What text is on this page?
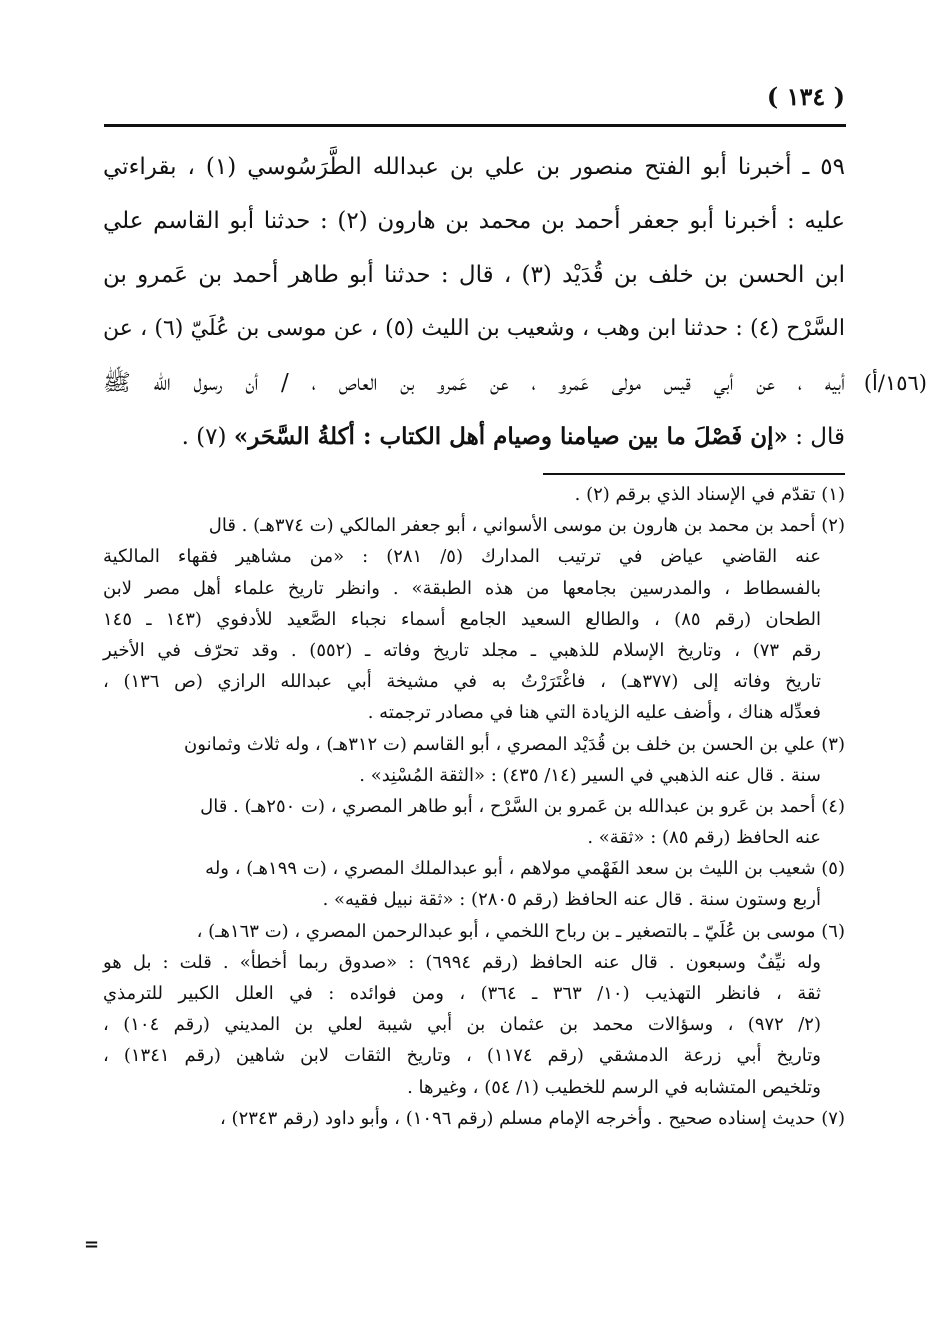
( ١٣٤ )
(١٥٦/أ)
٥٩ ـ أخبرنا أبو الفتح منصور بن علي بن عبدالله الطَّرَسُوسي (١) ، بقراءتي
عليه : أخبرنا أبو جعفر أحمد بن محمد بن هارون (٢) : حدثنا أبو القاسم علي
ابن الحسن بن خلف بن قُدَيْد (٣) ، قال : حدثنا أبو طاهر أحمد بن عَمرو بن
السَّرْح (٤) : حدثنا ابن وهب ، وشعيب بن الليث (٥) ، عن موسى بن عُلَيّ (٦) ، عن
أبيه ، عن أبي قيس مولى عَمرو ، عن عَمرو بن العاص ، / أن رسول الله ﷺ
قال : «إن فَصْلَ ما بين صيامنا وصيام أهل الكتاب : أكلةُ السَّحَر» (٧) .
(١) تقدّم في الإسناد الذي برقم (٢) .
(٢) أحمد بن محمد بن هارون بن موسى الأسواني ، أبو جعفر المالكي (ت ٣٧٤هـ) . قال
عنه القاضي عياض في ترتيب المدارك (٥/ ٢٨١) : «من مشاهير فقهاء المالكية
بالفسطاط ، والمدرسين بجامعها من هذه الطبقة» . وانظر تاريخ علماء أهل مصر لابن
الطحان (رقم ٨٥) ، والطالع السعيد الجامع أسماء نجباء الصَّعيد للأدفوي (١٤٣ ـ ١٤٥
رقم ٧٣) ، وتاريخ الإسلام للذهبي ـ مجلد تاريخ وفاته ـ (٥٥٢) . وقد تحرّف في الأخير
تاريخ وفاته إلى (٣٧٧هـ) ، فاغْتَرَرْتُ به في مشيخة أبي عبدالله الرازي (ص ١٣٦) ،
فعدِّله هناك ، وأضف عليه الزيادة التي هنا في مصادر ترجمته .
(٣) علي بن الحسن بن خلف بن قُدَيْد المصري ، أبو القاسم (ت ٣١٢هـ) ، وله ثلاث وثمانون
سنة . قال عنه الذهبي في السير (١٤/ ٤٣٥) : «الثقة المُسْنِد» .
(٤) أحمد بن عَرو بن عبدالله بن عَمرو بن السَّرْح ، أبو طاهر المصري ، (ت ٢٥٠هـ) . قال
عنه الحافظ (رقم ٨٥) : «ثقة» .
(٥) شعيب بن الليث بن سعد الفَهْمي مولاهم ، أبو عبدالملك المصري ، (ت ١٩٩هـ) ، وله
أربع وستون سنة . قال عنه الحافظ (رقم ٢٨٠٥) : «ثقة نبيل فقيه» .
(٦) موسى بن عُلَيّ ـ بالتصغير ـ بن رباح اللخمي ، أبو عبدالرحمن المصري ، (ت ١٦٣هـ) ،
وله نيِّفٌ وسبعون . قال عنه الحافظ (رقم ٦٩٩٤) : «صدوق ربما أخطأ» . قلت : بل هو
ثقة ، فانظر التهذيب (١٠/ ٣٦٣ ـ ٣٦٤) ، ومن فوائده : في العلل الكبير للترمذي
(٢/ ٩٧٢) ، وسؤالات محمد بن عثمان بن أبي شيبة لعلي بن المديني (رقم ١٠٤) ،
وتاريخ أبي زرعة الدمشقي (رقم ١١٧٤) ، وتاريخ الثقات لابن شاهين (رقم ١٣٤١) ،
وتلخيص المتشابه في الرسم للخطيب (١/ ٥٤) ، وغيرها .
(٧) حديث إسناده صحيح . وأخرجه الإمام مسلم (رقم ١٠٩٦) ، وأبو داود (رقم ٢٣٤٣) ،
=
